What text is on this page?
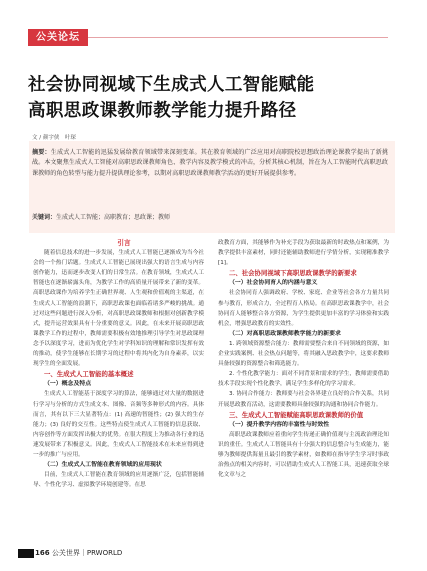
公关论坛
社会协同视域下生成式人工智能赋能
高职思政课教师教学能力提升路径
文 / 颜宇侠　叶琛
摘要：生成式人工智能的迅猛发展给教育领域带来深刻变革。其在教育领域的广泛应用对高职院校思想政治理论课教学提出了新挑战。本文聚焦生成式人工智能对高职思政课教师角色、教学内容及教学模式的冲击，分析其核心机制，旨在为人工智能时代高职思政课教师的角色转型与能力提升提供理论参考，以期对高职思政课教师教学活动的更好开展提供参考。
关键词：生成式人工智能；高职教育；思政课；教师

引言

随着信息技术的进一步发展，生成式人工智能已逐渐成为当今社会的一个热门话题。生成式人工智能已展现出强大的语言生成与内容创作能力，迅而逐步改变人们的日常生活。在教育领域，生成式人工智能也在逐渐崭露头角，为教学工作的高质量开展带来了新的变革。高职思政课作为培养学生正确世界观、人生观和价值观的主渠道，在生成式人工智能的浪潮下，高职思政课也面临着诸多严峻的挑战。通过对这些问题进行深入分析，对高职思政课教师和根据对创新教学模式，提升运营效果具有十分重要的意义。因此，在未来开展高职思政课教学工作的过程中，教师需要积极有效地推理引导学生对思政课理念予以深度学习，进而为优化学生对学科知识的理解和常识发挥有效的推动，使学生能够在长期学习的过程中将其内化为自身素养，以实现学生的全面发展。

一、生成式人工智能的基本概述

（一）概念及特点

生成式人工智能基于深度学习的算法，能够通过对大量的数据进行学习与分析的方式生成文本、图像、音频等多种形式的内容。具体而言，其有以下三大显著特点：(1) 高速的智能性；(2) 强大的生存能力；(3) 良好的交互性。这些特点使生成式人工智能的信息获取、内容创作等方面发挥出极大的优势。在很大程度上为推动各行业的迅速发展带来了积极意义。因此，生成式人工智能技术在未来应得到进一步的推广与应用。

（二）生成式人工智能在教育领域的应用现状

目前，生成式人工智能在教育领域的应用逐渐广泛，包括智能辅导、个性化学习、虚拟教学环境创建等。在思

政教育方面，其能够作为补充手段为获取最新的时政热点和案例，为教学提供丰富素材，同时还能辅助教师进行学情分析，实现精准教学[1]。

二、社会协同视域下高职思政课教学的新要求

（一）社会协同育人的内涵与意义

社会协同育人强调政府、学校、家庭、企业等社会各方力量共同参与教育，形成合力，全过程育人格局。在高职思政课教学中，社会协同育人能够整合各方资源，为学生提供更加丰富的学习体验和实践机会，增强思政教育的实效性。

（二）对高职思政课教师教学能力的新要求

1. 跨领域资源整合能力：教师需要整合来自不同领域的资源，如企业实践案例、社会热点问题等，将其融入思政教学中，这要求教师具备较强的资源整合和筛选能力。

2. 个性化教学能力：面对不同背景和需求的学生，教师需要借助技术手段实现个性化教学，满足学生多样化的学习需求。

3. 协同合作能力：教师要与社会各界建立良好的合作关系，共同开展思政教育活动，这需要教师具备较强的沟通和协同合作能力。

三、生成式人工智能赋能高职思政课教师的价值

（一）提升教学内容的丰富性与时效性

高职思政课教师应着重向学生传递正确价值观与主流政治理论知识的重任。生成式人工智能具有十分强大的信息整合与生成能力，能够为教师提供海量且最引的教学素材，如教师在指导学生学习时事政治热点的相关内容时，可以借助生成式人工智能工具，迅速获取全球化文章与之

166 公关世界｜PRWORLD
